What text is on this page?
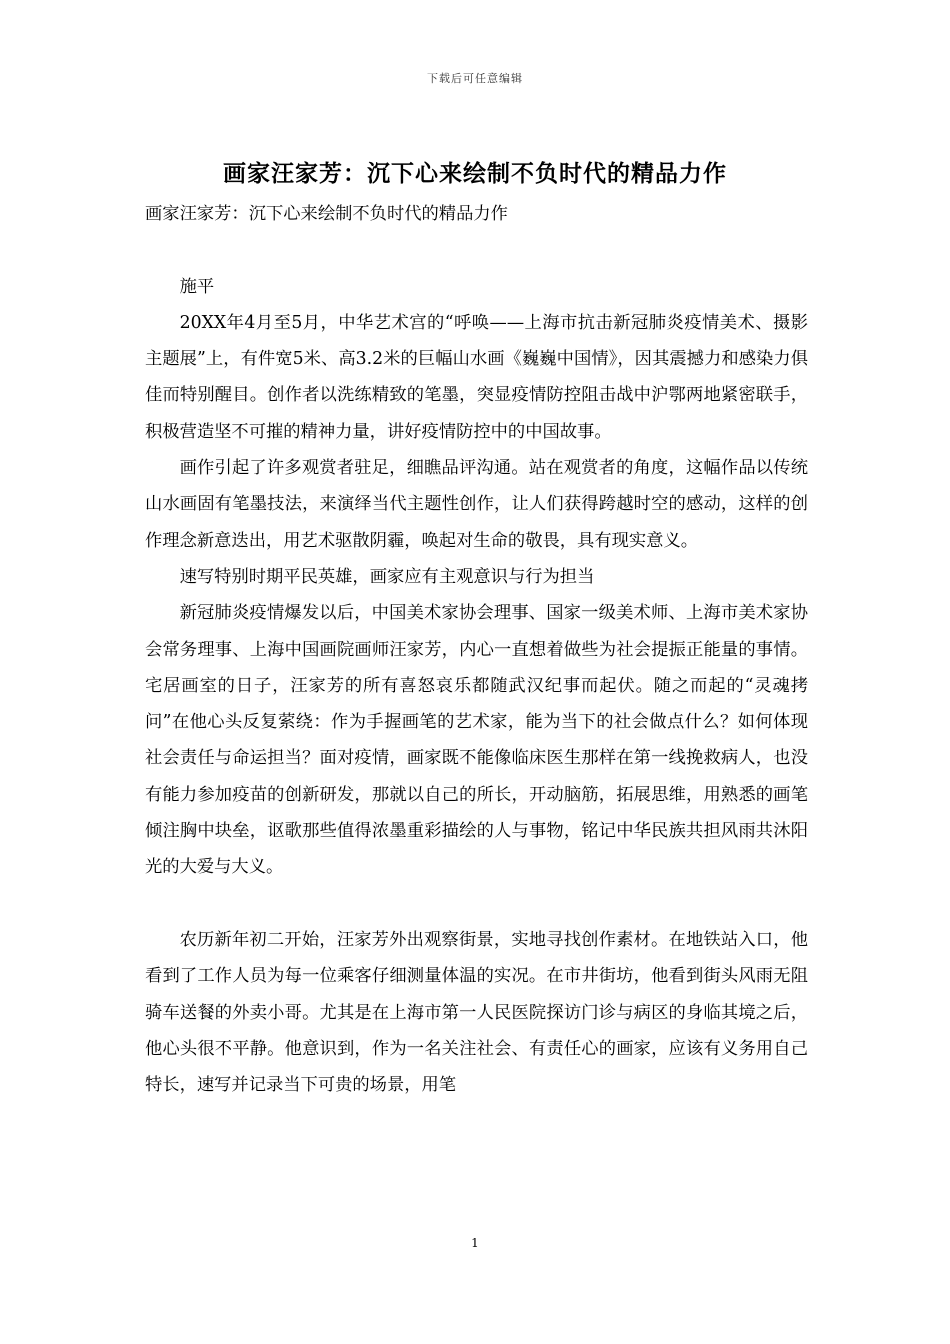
下载后可任意编辑
画家汪家芳：沉下心来绘制不负时代的精品力作

画家汪家芳：沉下心来绘制不负时代的精品力作

施平

20XX年4月至5月，中华艺术宫的“呼唤——上海市抗击新冠肺炎疫情美术、摄影主题展”上，有件宽5米、高3.2米的巨幅山水画《巍巍中国情》，因其震撼力和感染力俱佳而特别醒目。创作者以洗练精致的笔墨，突显疫情防控阻击战中沪鄂两地紧密联手，积极营造坚不可摧的精神力量，讲好疫情防控中的中国故事。

画作引起了许多观赏者驻足，细瞧品评沟通。站在观赏者的角度，这幅作品以传统山水画固有笔墨技法，来演绎当代主题性创作，让人们获得跨越时空的感动，这样的创作理念新意迭出，用艺术驱散阴霾，唤起对生命的敬畏，具有现实意义。

速写特别时期平民英雄，画家应有主观意识与行为担当

新冠肺炎疫情爆发以后，中国美术家协会理事、国家一级美术师、上海市美术家协会常务理事、上海中国画院画师汪家芳，内心一直想着做些为社会提振正能量的事情。宅居画室的日子，汪家芳的所有喜怒哀乐都随武汉纪事而起伏。随之而起的“灵魂拷问”在他心头反复萦绕：作为手握画笔的艺术家，能为当下的社会做点什么？如何体现社会责任与命运担当？面对疫情，画家既不能像临床医生那样在第一线挽救病人，也没有能力参加疫苗的创新研发，那就以自己的所长，开动脑筋，拓展思维，用熟悉的画笔倾注胸中块垒，讴歌那些值得浓墨重彩描绘的人与事物，铭记中华民族共担风雨共沐阳光的大爱与大义。

农历新年初二开始，汪家芳外出观察街景，实地寻找创作素材。在地铁站入口，他看到了工作人员为每一位乘客仔细测量体温的实况。在市井街坊，他看到街头风雨无阻骑车送餐的外卖小哥。尤其是在上海市第一人民医院探访门诊与病区的身临其境之后，他心头很不平静。他意识到，作为一名关注社会、有责任心的画家，应该有义务用自己特长，速写并记录当下可贵的场景，用笔

1
